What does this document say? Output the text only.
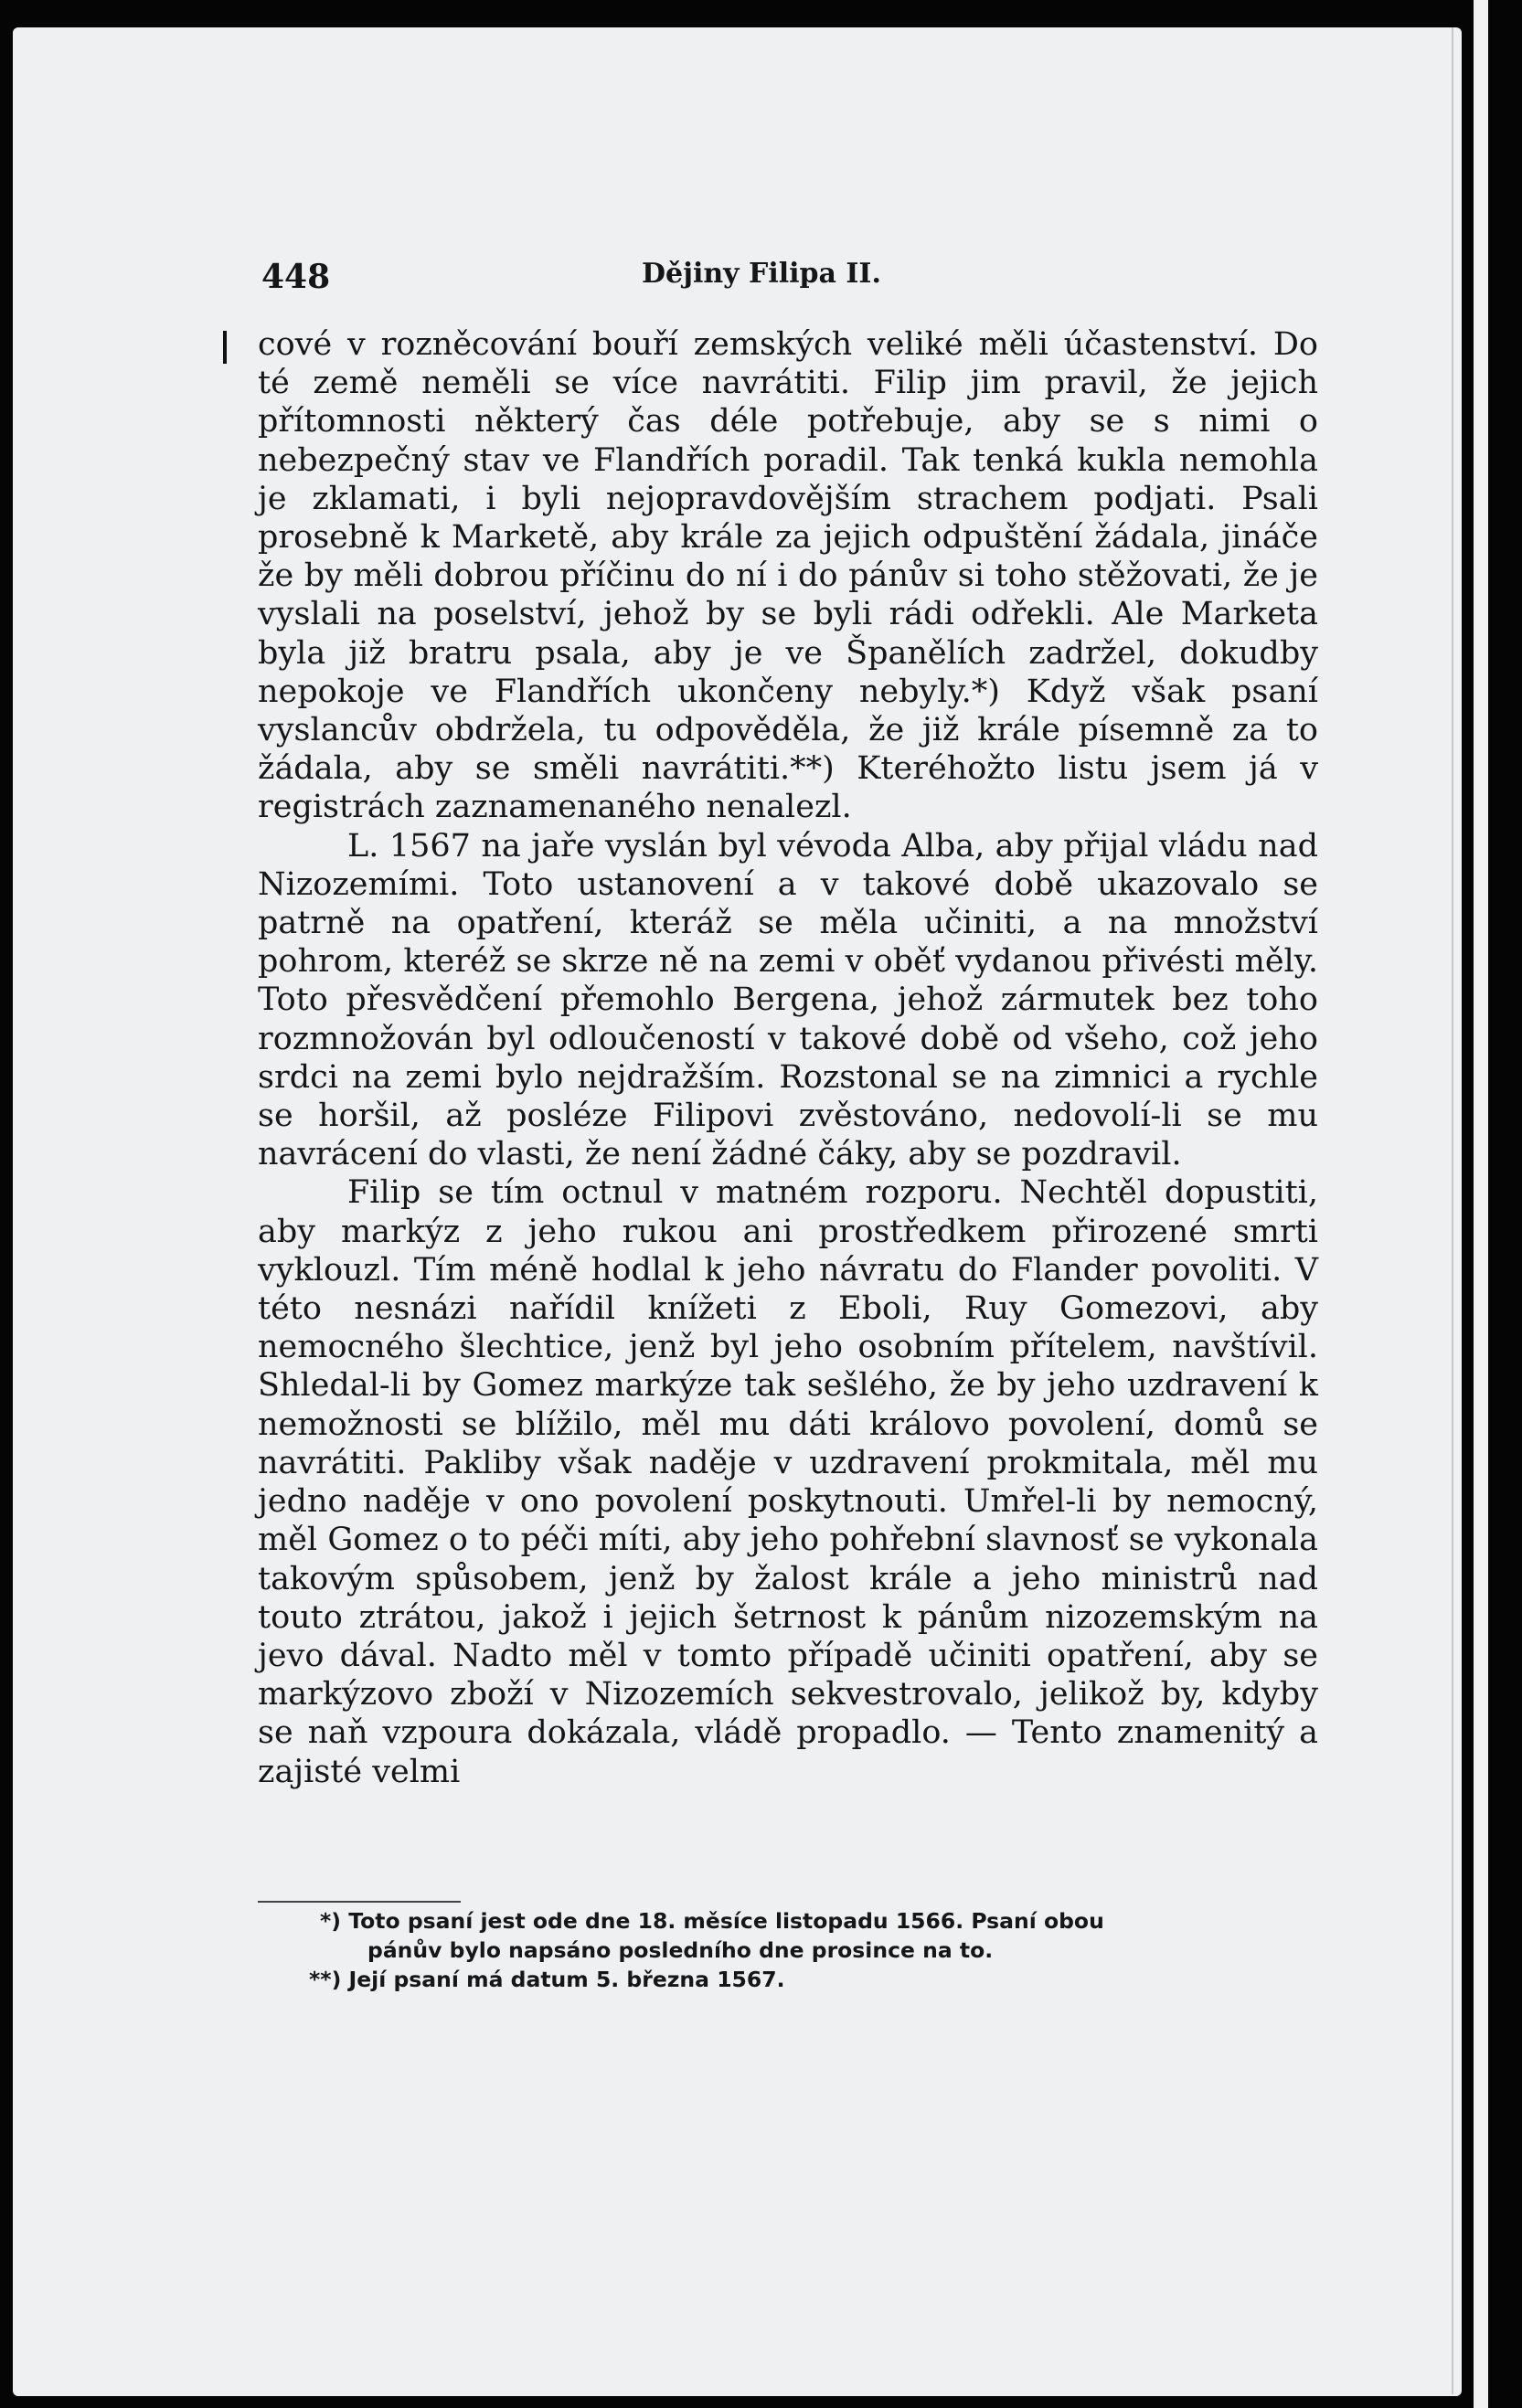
448	Dějiny Filipa II.

cové v rozněcování bouří zemských veliké měli účastenství. Do té země neměli se více navrátiti. Filip jim pravil, že jejich přítomnosti některý čas déle potřebuje, aby se s nimi o nebezpečný stav ve Flandřích poradil. Tak tenká kukla nemohla je zklamati, i byli nejopravdovějším strachem podjati. Psali prosebně k Marketě, aby krále za jejich odpuštění žádala, jináče že by měli dobrou příčinu do ní i do pánův si toho stěžovati, že je vyslali na poselství, jehož by se byli rádi odřekli. Ale Marketa byla již bratru psala, aby je ve Španělích zadržel, dokudby nepokoje ve Flandřích ukončeny nebyly.*) Když však psaní vyslancův obdržela, tu odpověděla, že již krále písemně za to žádala, aby se směli navrátiti.**) Kteréhožto listu jsem já v registrách zaznamenaného nenalezl.

L. 1567 na jaře vyslán byl vévoda Alba, aby přijal vládu nad Nizozemími. Toto ustanovení a v takové době ukazovalo se patrně na opatření, kteráž se měla učiniti, a na množství pohrom, kteréž se skrze ně na zemi v oběť vydanou přivésti měly. Toto přesvědčení přemohlo Bergena, jehož zármutek bez toho rozmnožován byl odloučeností v takové době od všeho, což jeho srdci na zemi bylo nejdražším. Rozstonal se na zimnici a rychle se horšil, až posléze Filipovi zvěstováno, nedovolí-li se mu navrácení do vlasti, že není žádné čáky, aby se pozdravil.

Filip se tím octnul v matném rozporu. Nechtěl dopustiti, aby markýz z jeho rukou ani prostředkem přirozené smrti vyklouzl. Tím méně hodlal k jeho návratu do Flander povoliti. V této nesnázi nařídil knížeti z Eboli, Ruy Gomezovi, aby nemocného šlechtice, jenž byl jeho osobním přítelem, navštívil. Shledal-li by Gomez markýze tak sešlého, že by jeho uzdravení k nemožnosti se blížilo, měl mu dáti královo povolení, domů se navrátiti. Pakliby však naděje v uzdravení prokmitala, měl mu jedno naděje v ono povolení poskytnouti. Umřel-li by nemocný, měl Gomez o to péči míti, aby jeho pohřební slavnosť se vykonala takovým spůsobem, jenž by žalost krále a jeho ministrů nad touto ztrátou, jakož i jejich šetrnost k pánům nizozemským na jevo dával. Nadto měl v tomto případě učiniti opatření, aby se markýzovo zboží v Nizozemích sekvestrovalo, jelikož by, kdyby se naň vzpoura dokázala, vládě propadlo. — Tento znamenitý a zajisté velmi

*) Toto psaní jest ode dne 18. měsíce listopadu 1566. Psaní obou

pánův bylo napsáno posledního dne prosince na to.

**) Její psaní má datum 5. března 1567.
